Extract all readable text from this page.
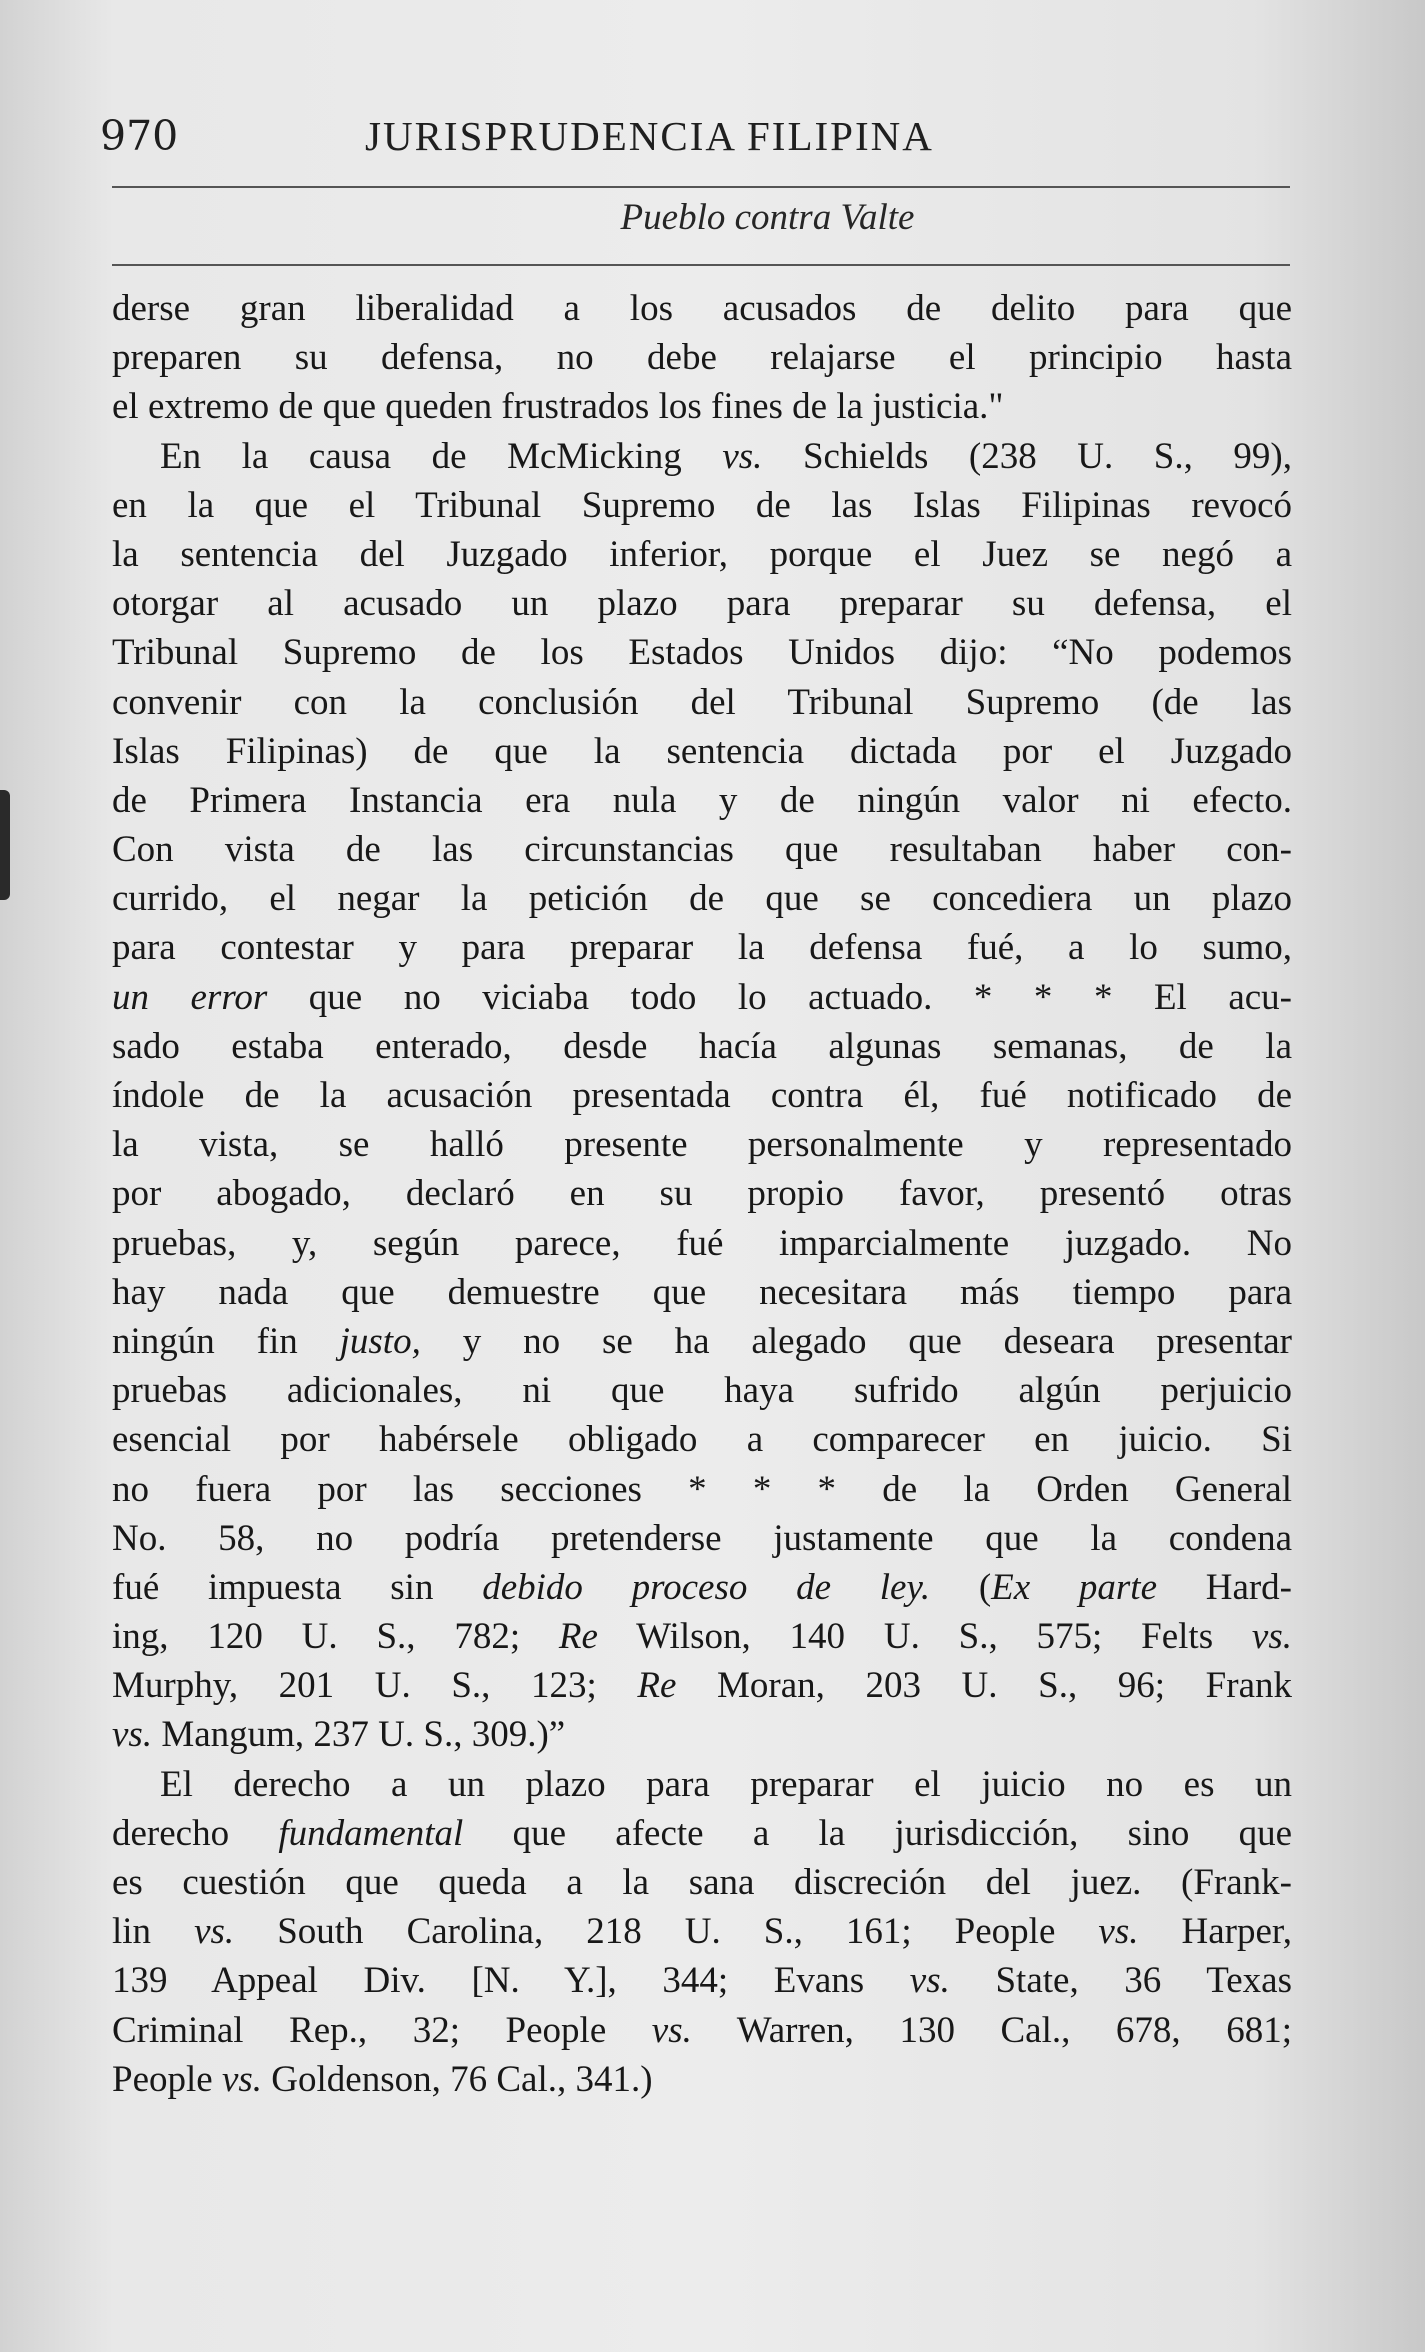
970	JURISPRUDENCIA FILIPINA
Pueblo contra Valte
derse gran liberalidad a los acusados de delito para que
preparen su defensa, no debe relajarse el principio hasta
el extremo de que queden frustrados los fines de la justicia."
En la causa de McMicking vs. Schields (238 U. S., 99),
en la que el Tribunal Supremo de las Islas Filipinas revocó
la sentencia del Juzgado inferior, porque el Juez se negó a
otorgar al acusado un plazo para preparar su defensa, el
Tribunal Supremo de los Estados Unidos dijo: “No podemos
convenir con la conclusión del Tribunal Supremo (de las
Islas Filipinas) de que la sentencia dictada por el Juzgado
de Primera Instancia era nula y de ningún valor ni efecto.
Con vista de las circunstancias que resultaban haber con-
currido, el negar la petición de que se concediera un plazo
para contestar y para preparar la defensa fué, a lo sumo,
un error que no viciaba todo lo actuado. * * * El acu-
sado estaba enterado, desde hacía algunas semanas, de la
índole de la acusación presentada contra él, fué notificado de
la vista, se halló presente personalmente y representado
por abogado, declaró en su propio favor, presentó otras
pruebas, y, según parece, fué imparcialmente juzgado. No
hay nada que demuestre que necesitara más tiempo para
ningún fin justo, y no se ha alegado que deseara presentar
pruebas adicionales, ni que haya sufrido algún perjuicio
esencial por habérsele obligado a comparecer en juicio. Si
no fuera por las secciones * * * de la Orden General
No. 58, no podría pretenderse justamente que la condena
fué impuesta sin debido proceso de ley. (Ex parte Hard-
ing, 120 U. S., 782; Re Wilson, 140 U. S., 575; Felts vs.
Murphy, 201 U. S., 123; Re Moran, 203 U. S., 96; Frank
vs. Mangum, 237 U. S., 309.)”
El derecho a un plazo para preparar el juicio no es un
derecho fundamental que afecte a la jurisdicción, sino que
es cuestión que queda a la sana discreción del juez. (Frank-
lin vs. South Carolina, 218 U. S., 161; People vs. Harper,
139 Appeal Div. [N. Y.], 344; Evans vs. State, 36 Texas
Criminal Rep., 32; People vs. Warren, 130 Cal., 678, 681;
People vs. Goldenson, 76 Cal., 341.)
